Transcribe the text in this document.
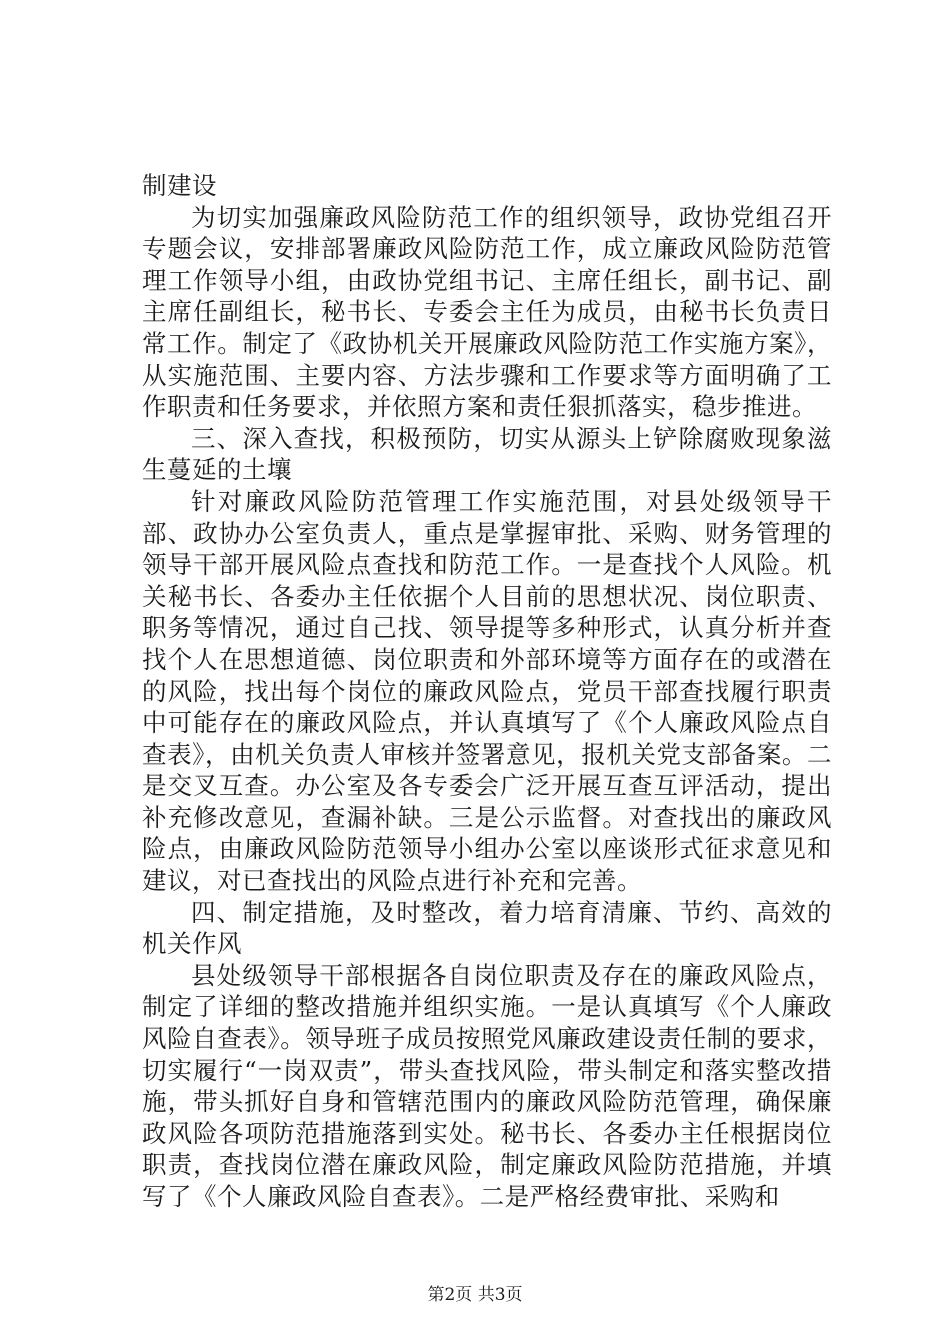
制建设

为切实加强廉政风险防范工作的组织领导，政协党组召开专题会议，安排部署廉政风险防范工作，成立廉政风险防范管理工作领导小组，由政协党组书记、主席任组长，副书记、副主席任副组长，秘书长、专委会主任为成员，由秘书长负责日常工作。制定了《政协机关开展廉政风险防范工作实施方案》，从实施范围、主要内容、方法步骤和工作要求等方面明确了工作职责和任务要求，并依照方案和责任狠抓落实，稳步推进。

三、深入查找，积极预防，切实从源头上铲除腐败现象滋生蔓延的土壤

针对廉政风险防范管理工作实施范围，对县处级领导干部、政协办公室负责人，重点是掌握审批、采购、财务管理的领导干部开展风险点查找和防范工作。一是查找个人风险。机关秘书长、各委办主任依据个人目前的思想状况、岗位职责、职务等情况，通过自己找、领导提等多种形式，认真分析并查找个人在思想道德、岗位职责和外部环境等方面存在的或潜在的风险，找出每个岗位的廉政风险点，党员干部查找履行职责中可能存在的廉政风险点，并认真填写了《个人廉政风险点自查表》，由机关负责人审核并签署意见，报机关党支部备案。二是交叉互查。办公室及各专委会广泛开展互查互评活动，提出补充修改意见，查漏补缺。三是公示监督。对查找出的廉政风险点，由廉政风险防范领导小组办公室以座谈形式征求意见和建议，对已查找出的风险点进行补充和完善。

四、制定措施，及时整改，着力培育清廉、节约、高效的机关作风

县处级领导干部根据各自岗位职责及存在的廉政风险点，制定了详细的整改措施并组织实施。一是认真填写《个人廉政风险自查表》。领导班子成员按照党风廉政建设责任制的要求，切实履行“一岗双责”，带头查找风险，带头制定和落实整改措施，带头抓好自身和管辖范围内的廉政风险防范管理，确保廉政风险各项防范措施落到实处。秘书长、各委办主任根据岗位职责，查找岗位潜在廉政风险，制定廉政风险防范措施，并填写了《个人廉政风险自查表》。二是严格经费审批、采购和

第2页 共3页
